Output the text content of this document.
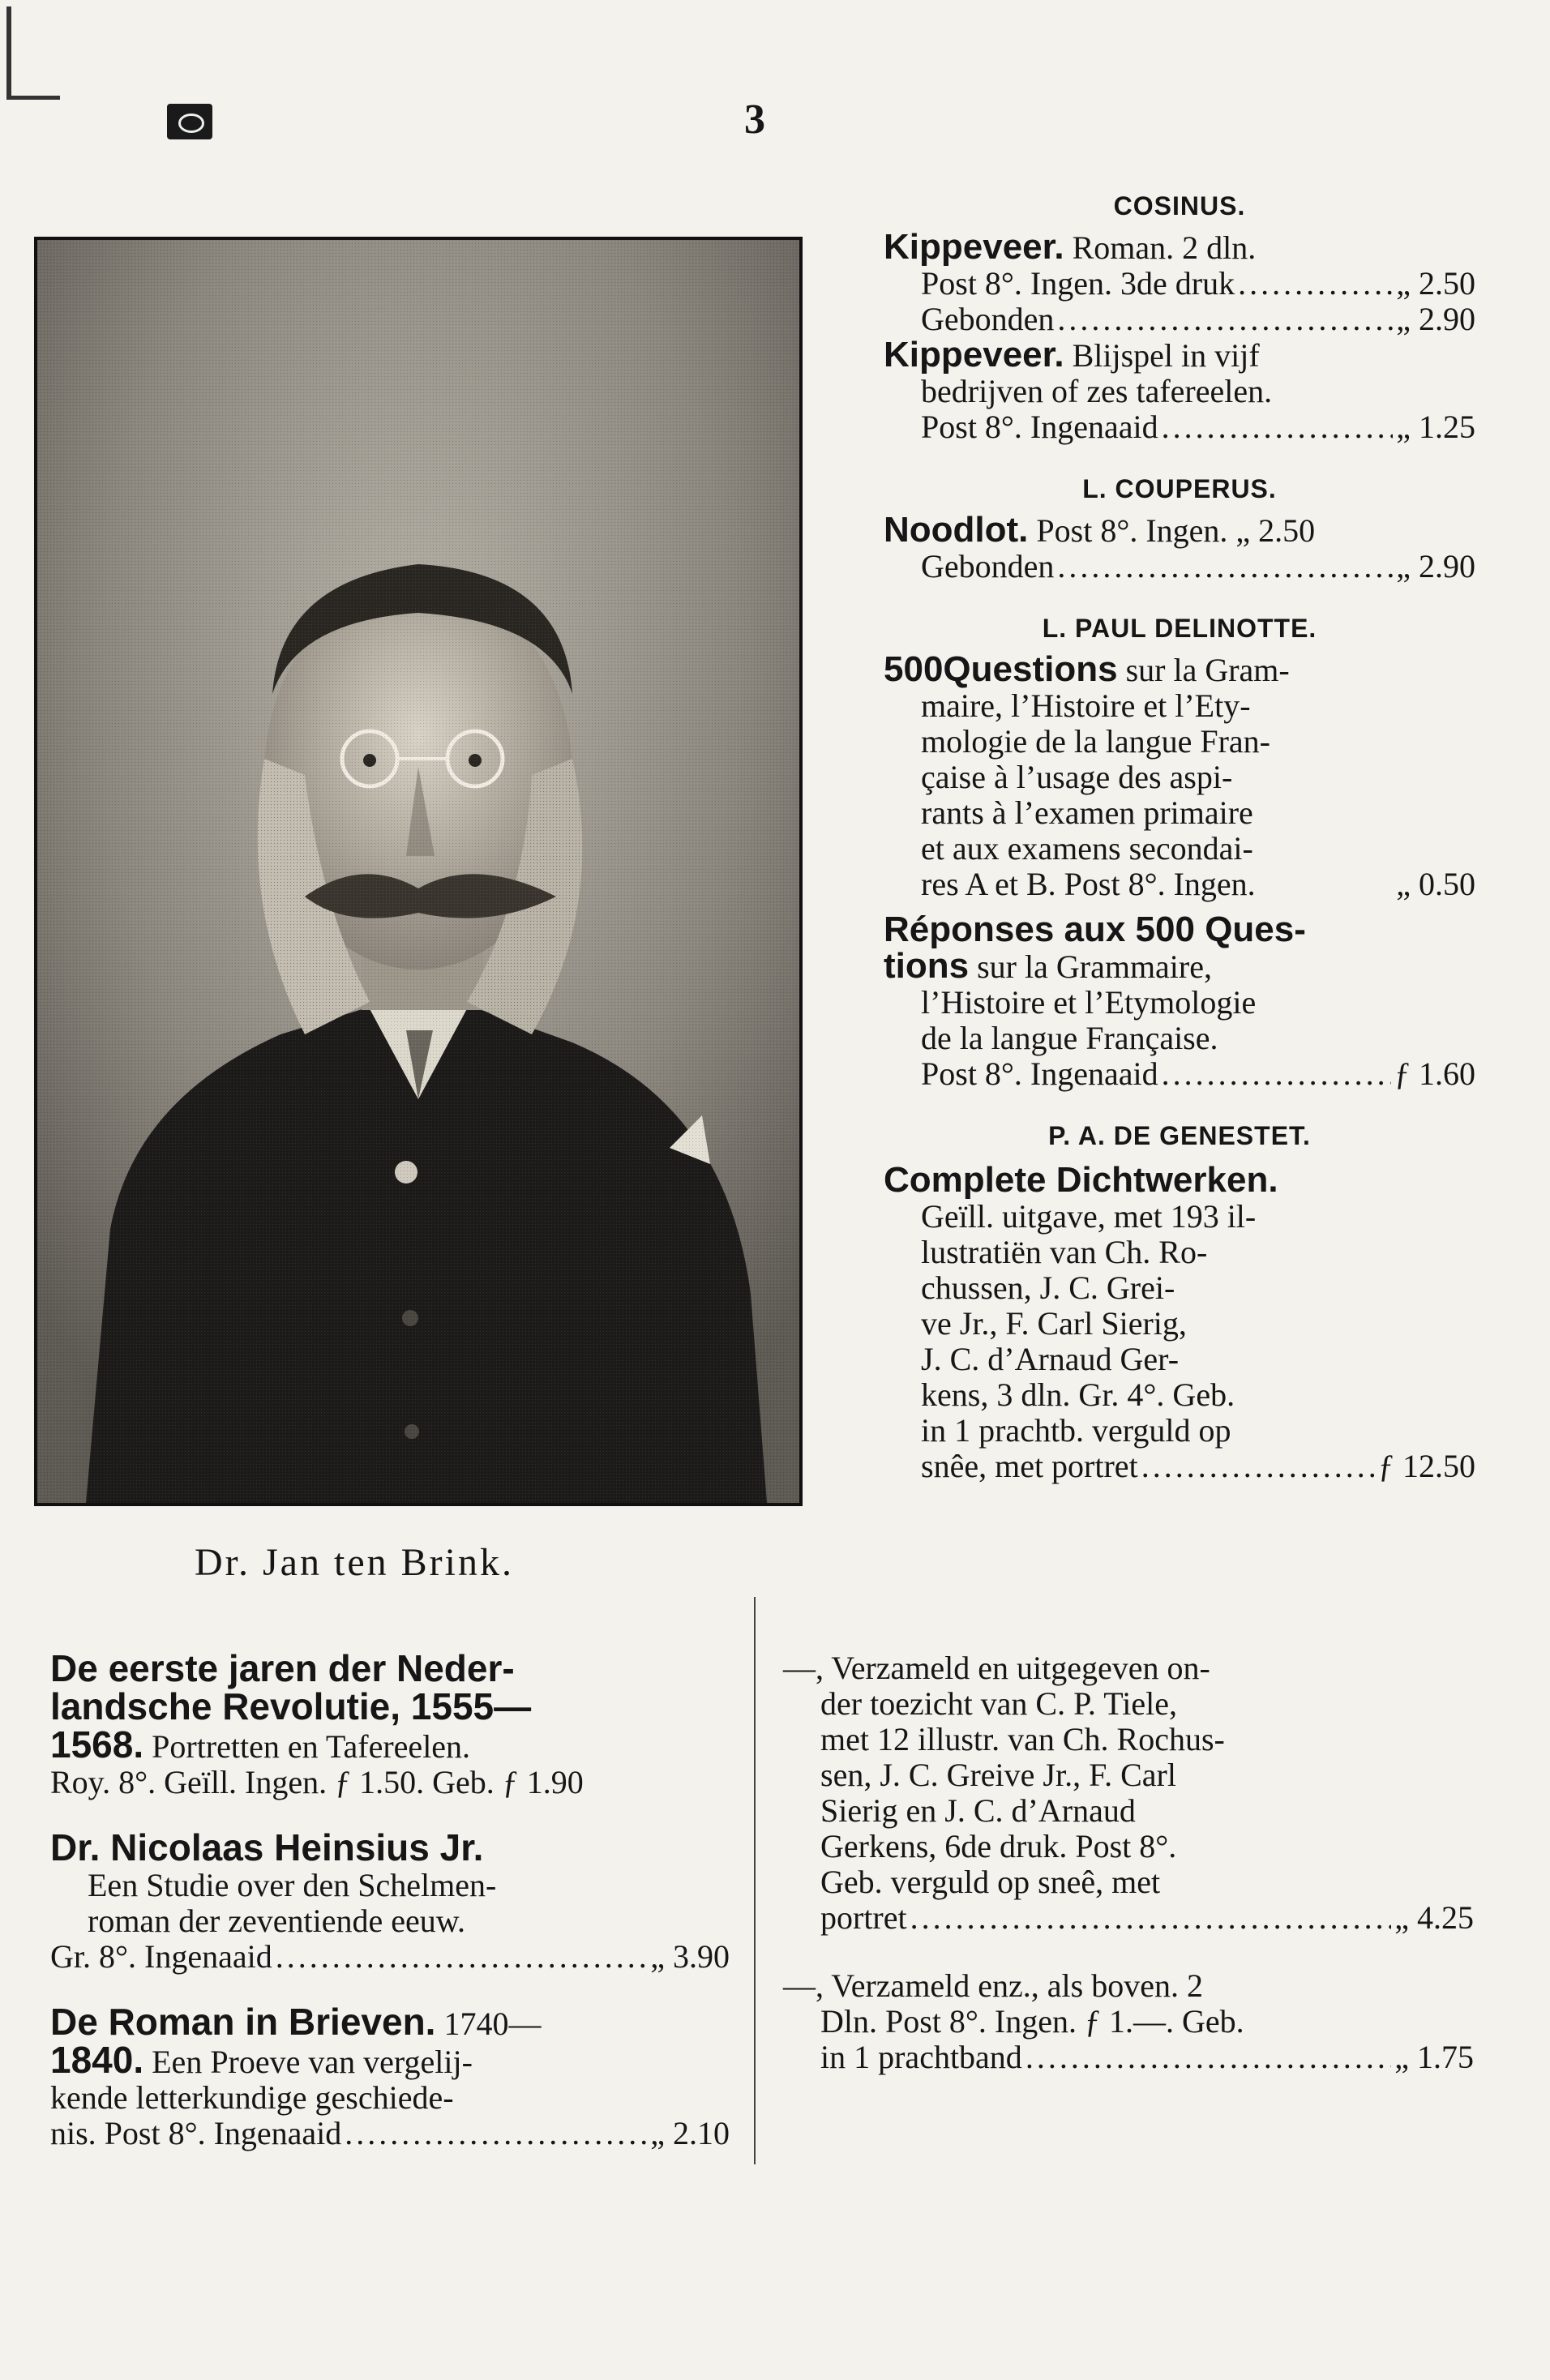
3
Dr. Jan ten Brink.
COSINUS.
Kippeveer. Roman. 2 dln.
Post 8°. Ingen. 3de druk . . .	„ 2.50
Gebonden . . .	„ 2.90
Kippeveer. Blijspel in vijf
bedrijven of zes tafereelen.
Post 8°. Ingenaaid . . .	„ 1.25
L. COUPERUS.
Noodlot. Post 8°. Ingen. „ 2.50
Gebonden . . .	„ 2.90
L. PAUL DELINOTTE.
500Questions sur la Gram-
maire, l’Histoire et l’Ety-
mologie de la langue Fran-
çaise à l’usage des aspi-
rants à l’examen primaire
et aux examens secondai-
res A et B. Post 8°. Ingen.	„ 0.50
Réponses aux 500 Ques-
tions sur la Grammaire,
l’Histoire et l’Etymologie
de la langue Française.
Post 8°. Ingenaaid . . .	ƒ 1.60
P. A. DE GENESTET.
Complete Dichtwerken.
Geïll. uitgave, met 193 il-
lustratiën van Ch. Ro-
chussen, J. C. Grei-
ve Jr., F. Carl Sierig,
J. C. d’Arnaud Ger-
kens, 3 dln. Gr. 4°. Geb.
in 1 prachtb. verguld op
snêe, met portret . . .	ƒ 12.50
De eerste jaren der Neder-
landsche Revolutie, 1555—
1568. Portretten en Tafereelen.
Roy. 8°. Geïll. Ingen. ƒ 1.50. Geb. ƒ 1.90
Dr. Nicolaas Heinsius Jr.
Een Studie over den Schelmen-
roman der zeventiende eeuw.
Gr. 8°. Ingenaaid . . .	„ 3.90
De Roman in Brieven. 1740—
1840. Een Proeve van vergelij-
kende letterkundige geschiede-
nis. Post 8°. Ingenaaid . . .	„ 2.10
—, Verzameld en uitgegeven on-
der toezicht van C. P. Tiele,
met 12 illustr. van Ch. Rochus-
sen, J. C. Greive Jr., F. Carl
Sierig en J. C. d’Arnaud
Gerkens, 6de druk. Post 8°.
Geb. verguld op sneê, met
portret . . .	„ 4.25
—, Verzameld enz., als boven. 2
Dln. Post 8°. Ingen. ƒ 1.—. Geb.
in 1 prachtband . . .	„ 1.75
